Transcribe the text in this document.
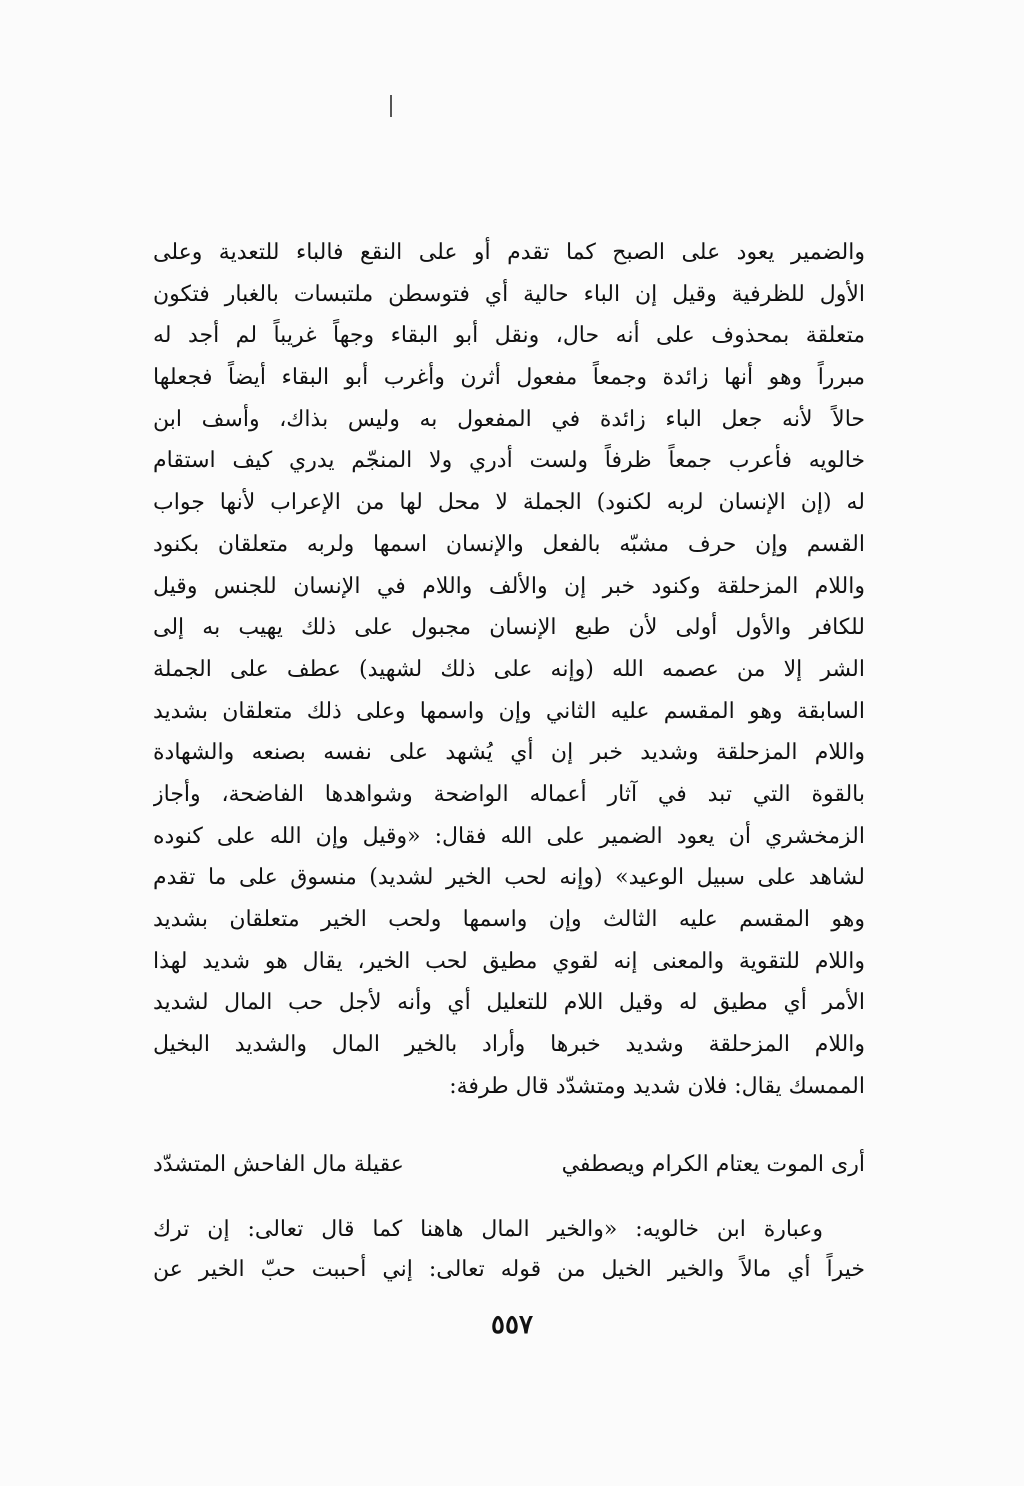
والضمير يعود على الصبح كما تقدم أو على النقع فالباء للتعدية وعلى
الأول للظرفية وقيل إن الباء حالية أي فتوسطن ملتبسات بالغبار فتكون
متعلقة بمحذوف على أنه حال، ونقل أبو البقاء وجهاً غريباً لم أجد له
مبرراً وهو أنها زائدة وجمعاً مفعول أثرن وأغرب أبو البقاء أيضاً فجعلها
حالاً لأنه جعل الباء زائدة في المفعول به وليس بذاك، وأسف ابن
خالويه فأعرب جمعاً ظرفاً ولست أدري ولا المنجّم يدري كيف استقام
له (إن الإنسان لربه لكنود) الجملة لا محل لها من الإعراب لأنها جواب
القسم وإن حرف مشبّه بالفعل والإنسان اسمها ولربه متعلقان بكنود
واللام المزحلقة وكنود خبر إن والألف واللام في الإنسان للجنس وقيل
للكافر والأول أولى لأن طبع الإنسان مجبول على ذلك يهيب به إلى
الشر إلا من عصمه الله (وإنه على ذلك لشهيد) عطف على الجملة
السابقة وهو المقسم عليه الثاني وإن واسمها وعلى ذلك متعلقان بشديد
واللام المزحلقة وشديد خبر إن أي يُشهد على نفسه بصنعه والشهادة
بالقوة التي تبد في آثار أعماله الواضحة وشواهدها الفاضحة، وأجاز
الزمخشري أن يعود الضمير على الله فقال: «وقيل وإن الله على كنوده
لشاهد على سبيل الوعيد» (وإنه لحب الخير لشديد) منسوق على ما تقدم
وهو المقسم عليه الثالث وإن واسمها ولحب الخير متعلقان بشديد
واللام للتقوية والمعنى إنه لقوي مطيق لحب الخير، يقال هو شديد لهذا
الأمر أي مطيق له وقيل اللام للتعليل أي وأنه لأجل حب المال لشديد
واللام المزحلقة وشديد خبرها وأراد بالخير المال والشديد البخيل
الممسك يقال: فلان شديد ومتشدّد قال طرفة:
أرى الموت يعتام الكرام ويصطفي
عقيلة مال الفاحش المتشدّد
وعبارة ابن خالويه: «والخير المال هاهنا كما قال تعالى: إن ترك
خيراً أي مالاً والخير الخيل من قوله تعالى: إني أحببت حبّ الخير عن
٥٥٧
